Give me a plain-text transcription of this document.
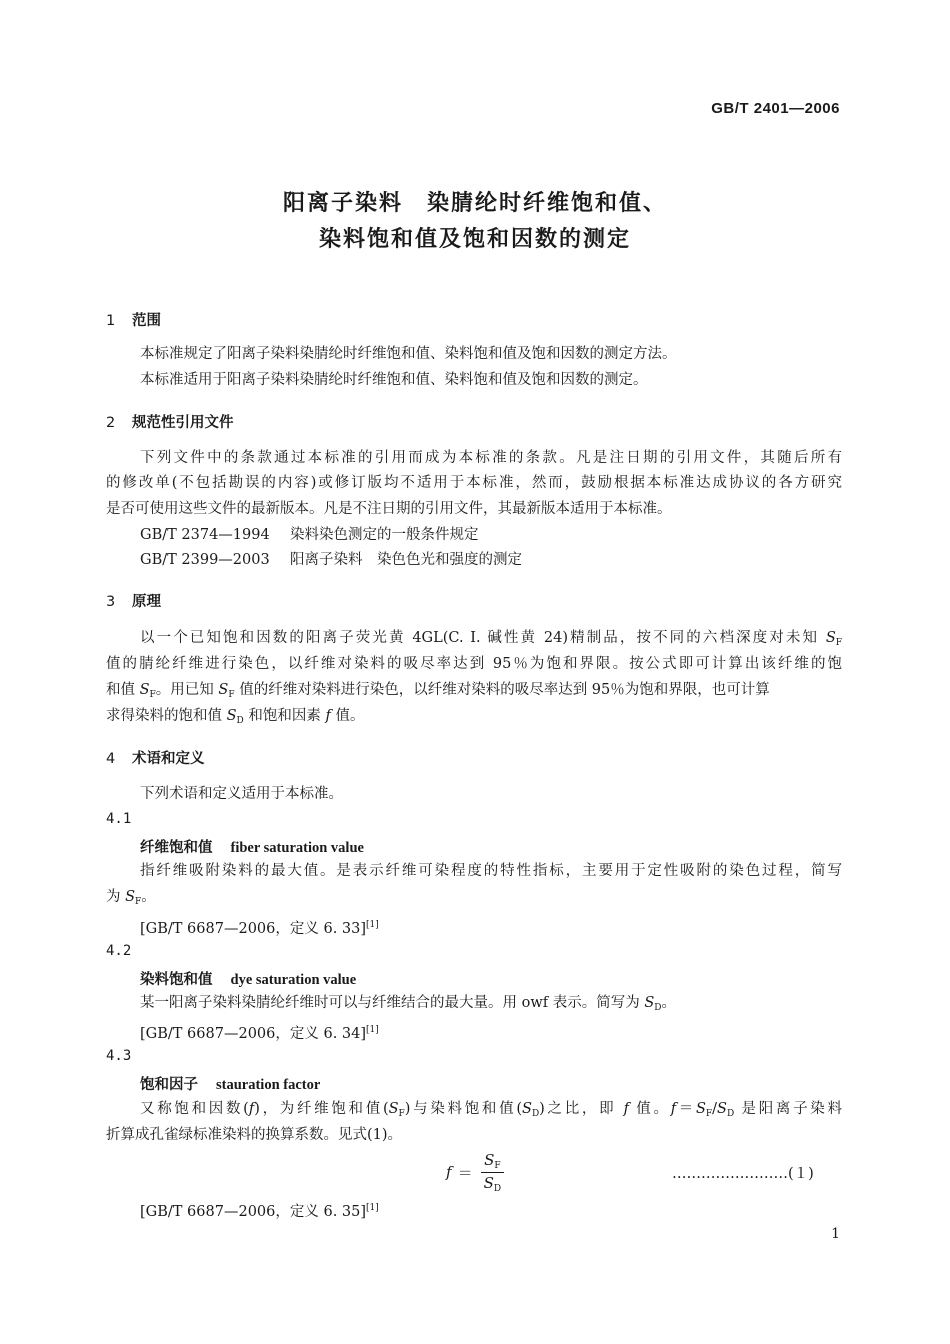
GB/T 2401—2006
阳离子染料　染腈纶时纤维饱和值、
染料饱和值及饱和因数的测定
1 范围
本标准规定了阳离子染料染腈纶时纤维饱和值、染料饱和值及饱和因数的测定方法。
本标准适用于阳离子染料染腈纶时纤维饱和值、染料饱和值及饱和因数的测定。
2 规范性引用文件
下列文件中的条款通过本标准的引用而成为本标准的条款。凡是注日期的引用文件，其随后所有
的修改单(不包括勘误的内容)或修订版均不适用于本标准，然而，鼓励根据本标准达成协议的各方研究
是否可使用这些文件的最新版本。凡是不注日期的引用文件，其最新版本适用于本标准。
GB/T 2374—1994 染料染色测定的一般条件规定
GB/T 2399—2003 阳离子染料　染色色光和强度的测定
3 原理
以一个已知饱和因数的阳离子荧光黄 4GL(C. I. 碱性黄 24)精制品，按不同的六档深度对未知 $S_F$
值的腈纶纤维进行染色，以纤维对染料的吸尽率达到 95％为饱和界限。按公式即可计算出该纤维的饱
和值 $S_F$。用已知 $S_F$ 值的纤维对染料进行染色，以纤维对染料的吸尽率达到 95％为饱和界限，也可计算
求得染料的饱和值 $S_D$ 和饱和因素 f 值。
4 术语和定义
下列术语和定义适用于本标准。
4.1
纤维饱和值 fiber saturation value
指纤维吸附染料的最大值。是表示纤维可染程度的特性指标，主要用于定性吸附的染色过程，简写
为 $S_F$。
[GB/T 6687—2006，定义 6. 33][1]
4.2
染料饱和值 dye saturation value
某一阳离子染料染腈纶纤维时可以与纤维结合的最大量。用 owf 表示。简写为 $S_D$。
[GB/T 6687—2006，定义 6. 34][1]
4.3
饱和因子 stauration factor
又称饱和因数(f)，为纤维饱和值$(S_F)$与染料饱和值$(S_D)$之比，即 f 值。$f=S_F/S_D$ 是阳离子染料
折算成孔雀绿标准染料的换算系数。见式(1)。
$f = \frac{S_F}{S_D}$	……………………(１)
[GB/T 6687—2006，定义 6. 35][1]
1
